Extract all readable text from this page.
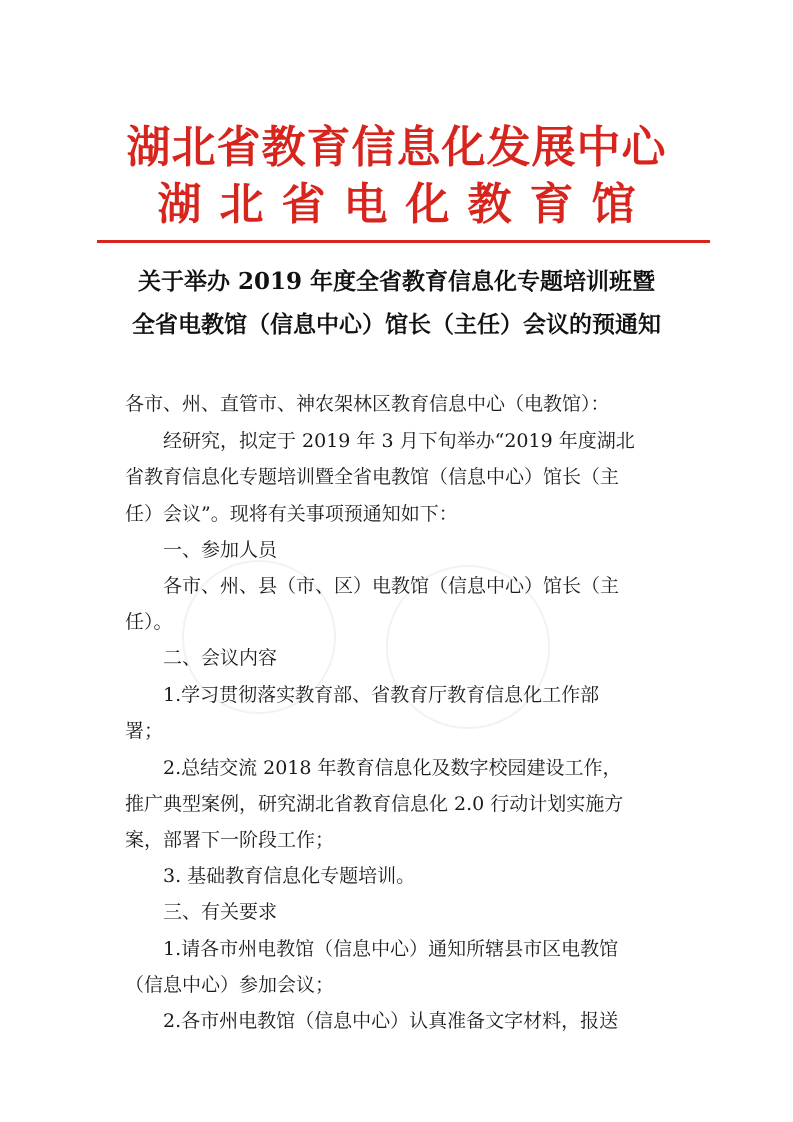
湖北省教育信息化发展中心
湖北省电化教育馆
关于举办 2019 年度全省教育信息化专题培训班暨
全省电教馆（信息中心）馆长（主任）会议的预通知
各市、州、直管市、神农架林区教育信息中心（电教馆）：
　　经研究，拟定于 2019 年 3 月下旬举办“2019 年度湖北
省教育信息化专题培训暨全省电教馆（信息中心）馆长（主
任）会议”。现将有关事项预通知如下：
　　一、参加人员
　　各市、州、县（市、区）电教馆（信息中心）馆长（主
任）。
　　二、会议内容
　　1.学习贯彻落实教育部、省教育厅教育信息化工作部
署；
　　2.总结交流 2018 年教育信息化及数字校园建设工作，
推广典型案例，研究湖北省教育信息化 2.0 行动计划实施方
案，部署下一阶段工作；
　　3. 基础教育信息化专题培训。
　　三、有关要求
　　1.请各市州电教馆（信息中心）通知所辖县市区电教馆
（信息中心）参加会议；
　　2.各市州电教馆（信息中心）认真准备文字材料，报送
